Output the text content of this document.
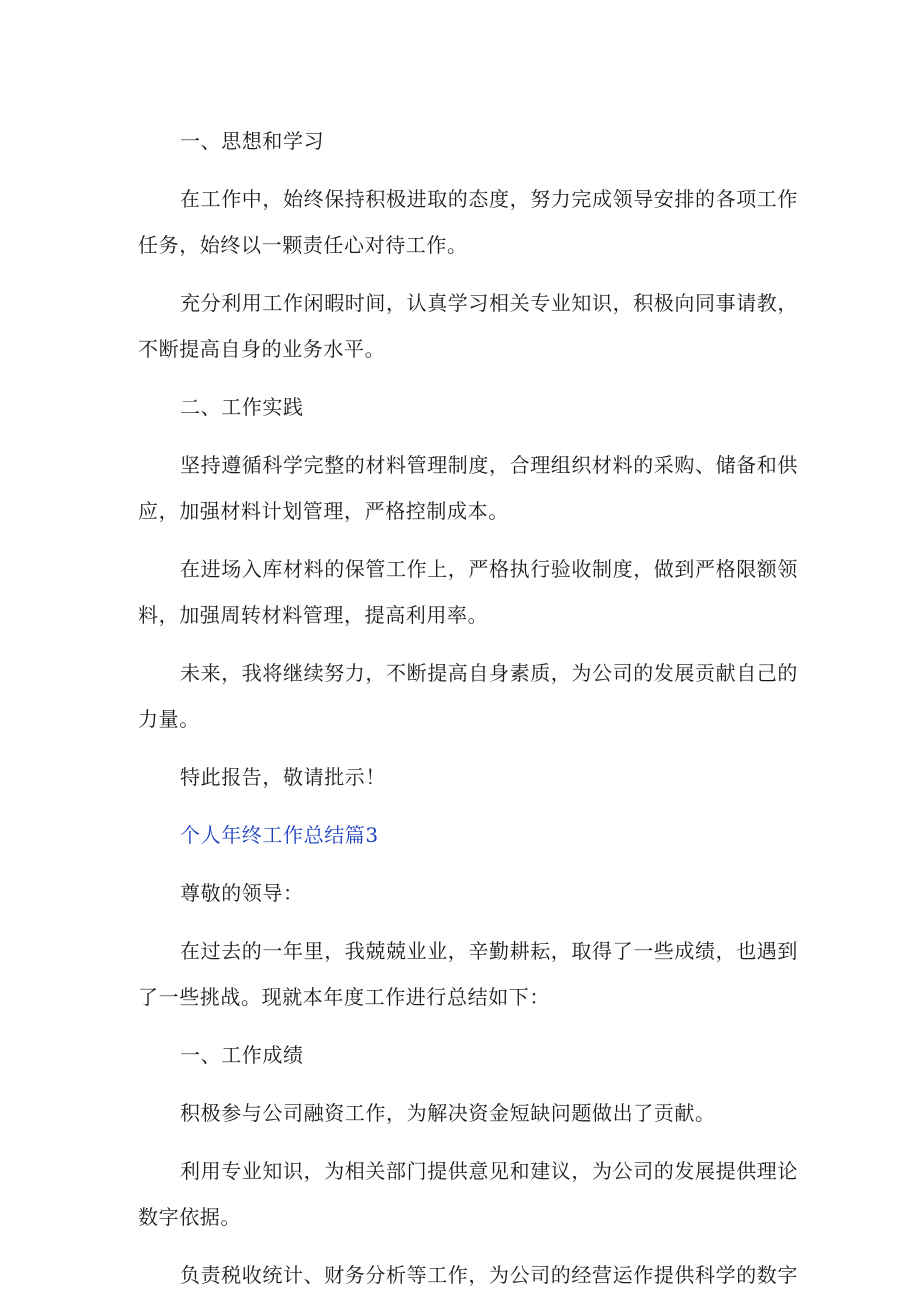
一、思想和学习

在工作中，始终保持积极进取的态度，努力完成领导安排的各项工作任务，始终以一颗责任心对待工作。

充分利用工作闲暇时间，认真学习相关专业知识，积极向同事请教，不断提高自身的业务水平。

二、工作实践

坚持遵循科学完整的材料管理制度，合理组织材料的采购、储备和供应，加强材料计划管理，严格控制成本。

在进场入库材料的保管工作上，严格执行验收制度，做到严格限额领料，加强周转材料管理，提高利用率。

未来，我将继续努力，不断提高自身素质，为公司的发展贡献自己的力量。

特此报告，敬请批示！

个人年终工作总结篇3

尊敬的领导：

在过去的一年里，我兢兢业业，辛勤耕耘，取得了一些成绩，也遇到了一些挑战。现就本年度工作进行总结如下：

一、工作成绩

积极参与公司融资工作，为解决资金短缺问题做出了贡献。

利用专业知识，为相关部门提供意见和建议，为公司的发展提供理论数字依据。

负责税收统计、财务分析等工作，为公司的经营运作提供科学的数字
